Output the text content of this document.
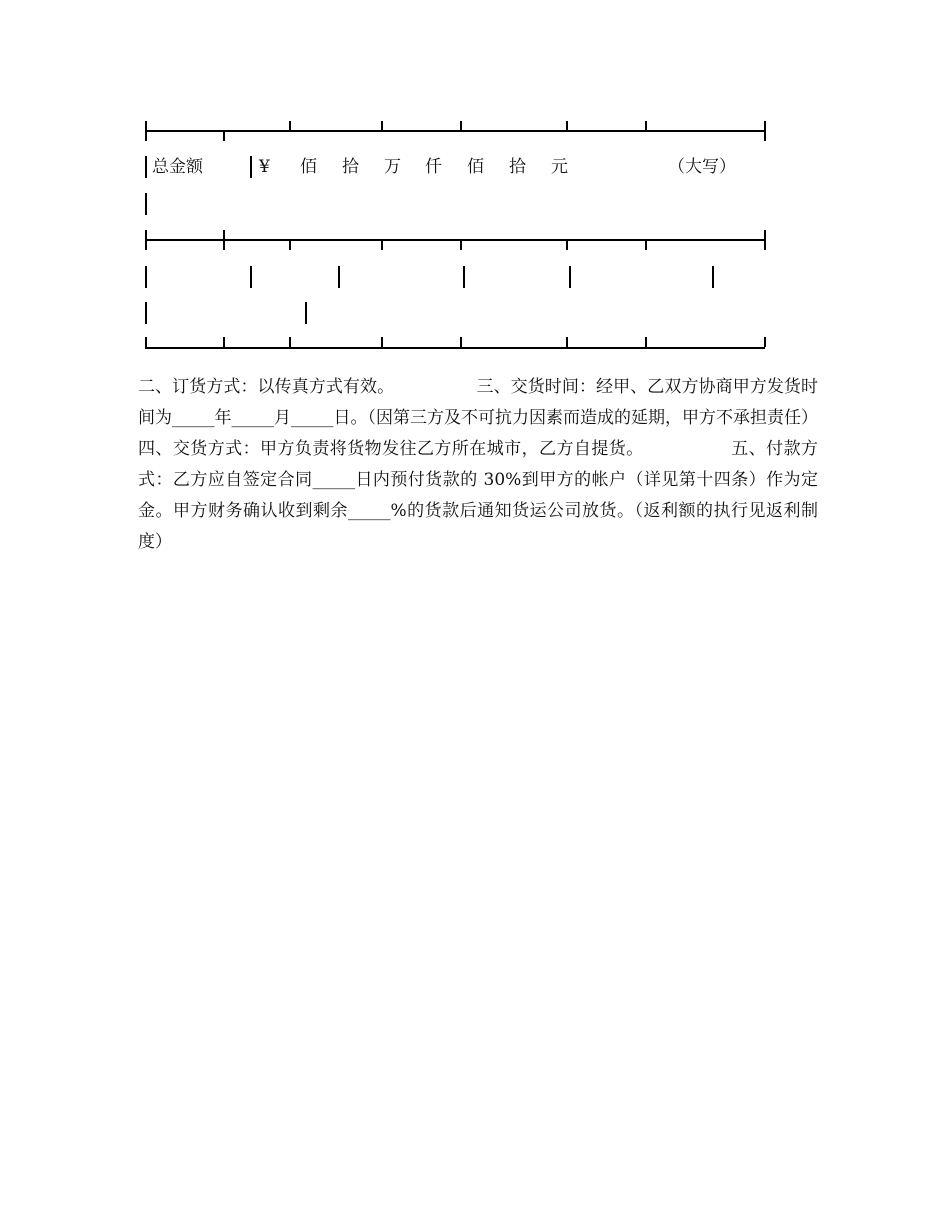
总金额	¥ 佰 拾 万 仟 佰 拾 元	（大写）

二、订货方式：以传真方式有效。	三、交货时间：经甲、乙双方协商甲方发货时间为_____年_____月_____日。（因第三方及不可抗力因素而造成的延期，甲方不承担责任）               四、交货方式：甲方负责将货物发往乙方所在城市，乙方自提货。	五、付款方式：乙方应自签定合同_____日内预付货款的 30%到甲方的帐户（详见第十四条）作为定金。甲方财务确认收到剩余_____%的货款后通知货运公司放货。（返利额的执行见返利制度）
